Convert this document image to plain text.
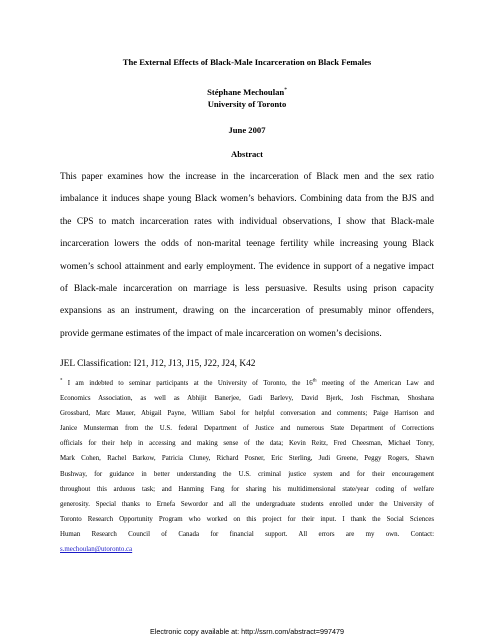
The External Effects of Black-Male Incarceration on Black Females
Stéphane Mechoulan*
University of Toronto
June 2007
Abstract
This paper examines how the increase in the incarceration of Black men and the sex ratio
imbalance it induces shape young Black women’s behaviors. Combining data from the BJS and
the CPS to match incarceration rates with individual observations, I show that Black-male
incarceration lowers the odds of non-marital teenage fertility while increasing young Black
women’s school attainment and early employment. The evidence in support of a negative impact
of Black-male incarceration on marriage is less persuasive. Results using prison capacity
expansions as an instrument, drawing on the incarceration of presumably minor offenders,
provide germane estimates of the impact of male incarceration on women’s decisions.
JEL Classification: I21, J12, J13, J15, J22, J24, K42
* I am indebted to seminar participants at the University of Toronto, the 16th meeting of the American Law and
Economics Association, as well as Abhijit Banerjee, Gadi Barlevy, David Bjerk, Josh Fischman, Shoshana
Grossbard, Marc Mauer, Abigail Payne, William Sabol for helpful conversation and comments; Paige Harrison and
Janice Munsterman from the U.S. federal Department of Justice and numerous State Department of Corrections
officials for their help in accessing and making sense of the data; Kevin Reitz, Fred Cheesman, Michael Tonry,
Mark Cohen, Rachel Barkow, Patricia Cluney, Richard Posner, Eric Sterling, Judi Greene, Peggy Rogers, Shawn
Bushway, for guidance in better understanding the U.S. criminal justice system and for their encouragement
throughout this arduous task; and Hanming Fang for sharing his multidimensional state/year coding of welfare
generosity. Special thanks to Ernefa Sewordor and all the undergraduate students enrolled under the University of
Toronto Research Opportunity Program who worked on this project for their input. I thank the Social Sciences
Human Research Council of Canada for financial support. All errors are my own. Contact:
s.mechoulan@utoronto.ca
Electronic copy available at: http://ssrn.com/abstract=997479
